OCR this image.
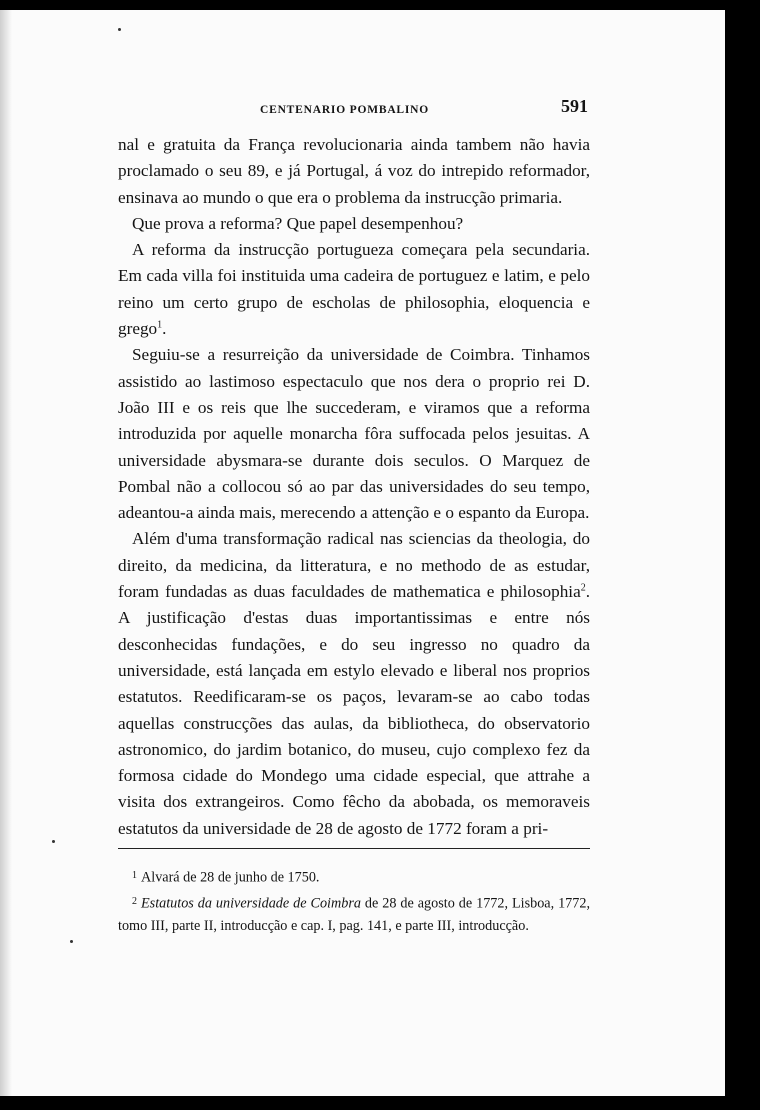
CENTENARIO POMBALINO	591

nal e gratuita da França revolucionaria ainda tambem não havia proclamado o seu 89, e já Portugal, á voz do intrepido reformador, ensinava ao mundo o que era o problema da instrucção primaria.

Que prova a reforma? Que papel desempenhou?

A reforma da instrucção portugueza começara pela secundaria. Em cada villa foi instituida uma cadeira de portuguez e latim, e pelo reino um certo grupo de escholas de philosophia, eloquencia e grego$^1$.

Seguiu-se a resurreição da universidade de Coimbra. Tinhamos assistido ao lastimoso espectaculo que nos dera o proprio rei D. João III e os reis que lhe succederam, e viramos que a reforma introduzida por aquelle monarcha fôra suffocada pelos jesuitas. A universidade abysmara-se durante dois seculos. O Marquez de Pombal não a collocou só ao par das universidades do seu tempo, adeantou-a ainda mais, merecendo a attenção e o espanto da Europa.

Além d'uma transformação radical nas sciencias da theologia, do direito, da medicina, da litteratura, e no methodo de as estudar, foram fundadas as duas faculdades de mathematica e philosophia$^2$. A justificação d'estas duas importantissimas e entre nós desconhecidas fundações, e do seu ingresso no quadro da universidade, está lançada em estylo elevado e liberal nos proprios estatutos. Reedificaram-se os paços, levaram-se ao cabo todas aquellas construcções das aulas, da bibliotheca, do observatorio astronomico, do jardim botanico, do museu, cujo complexo fez da formosa cidade do Mondego uma cidade especial, que attrahe a visita dos extrangeiros. Como fêcho da abobada, os memoraveis estatutos da universidade de 28 de agosto de 1772 foram a pri-

$^1$ Alvará de 28 de junho de 1750.

$^2$ Estatutos da universidade de Coimbra de 28 de agosto de 1772, Lisboa, 1772, tomo III, parte II, introducção e cap. I, pag. 141, e parte III, introducção.
